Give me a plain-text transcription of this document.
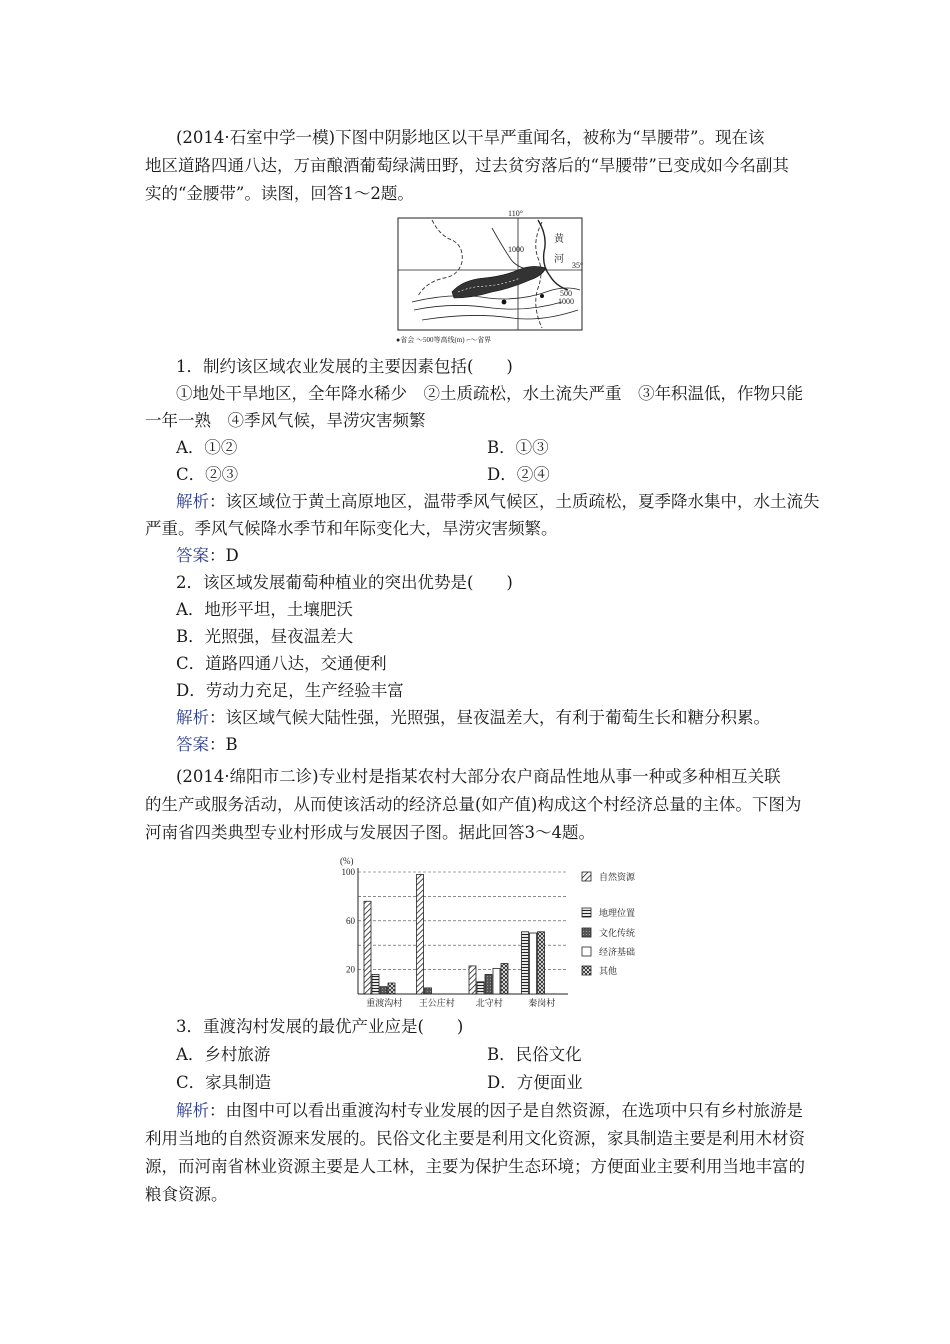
(2014·石室中学一模)下图中阴影地区以干旱严重闻名，被称为“旱腰带”。现在该
地区道路四通八达，万亩酿酒葡萄绿满田野，过去贫穷落后的“旱腰带”已变成如今名副其
实的“金腰带”。读图，回答1～2题。
110°
35°
黄
河
1000
500
1000
●省会 ～500等高线(m) ⌐～省界
1．制约该区域农业发展的主要因素包括(　　)
①地处干旱地区，全年降水稀少　②土质疏松，水土流失严重　③年积温低，作物只能
一年一熟　④季风气候，旱涝灾害频繁
A．①②	B．①③
C．②③	D．②④
解析：该区域位于黄土高原地区，温带季风气候区，土质疏松，夏季降水集中，水土流失
严重。季风气候降水季节和年际变化大，旱涝灾害频繁。
答案：D
2．该区域发展葡萄种植业的突出优势是(　　)
A．地形平坦，土壤肥沃
B．光照强，昼夜温差大
C．道路四通八达，交通便利
D．劳动力充足，生产经验丰富
解析：该区域气候大陆性强，光照强，昼夜温差大，有利于葡萄生长和糖分积累。
答案：B
(2014·绵阳市二诊)专业村是指某农村大部分农户商品性地从事一种或多种相互关联
的生产或服务活动，从而使该活动的经济总量(如产值)构成这个村经济总量的主体。下图为
河南省四类典型专业村形成与发展因子图。据此回答3～4题。
(%)
100
60
20
重渡沟村 王公庄村 北守村	秦岗村
自然资源
地理位置
文化传统
经济基础
其他
3．重渡沟村发展的最优产业应是(　　)
A．乡村旅游	B．民俗文化
C．家具制造	D．方便面业
解析：由图中可以看出重渡沟村专业发展的因子是自然资源，在选项中只有乡村旅游是
利用当地的自然资源来发展的。民俗文化主要是利用文化资源，家具制造主要是利用木材资
源，而河南省林业资源主要是人工林，主要为保护生态环境；方便面业主要利用当地丰富的
粮食资源。
